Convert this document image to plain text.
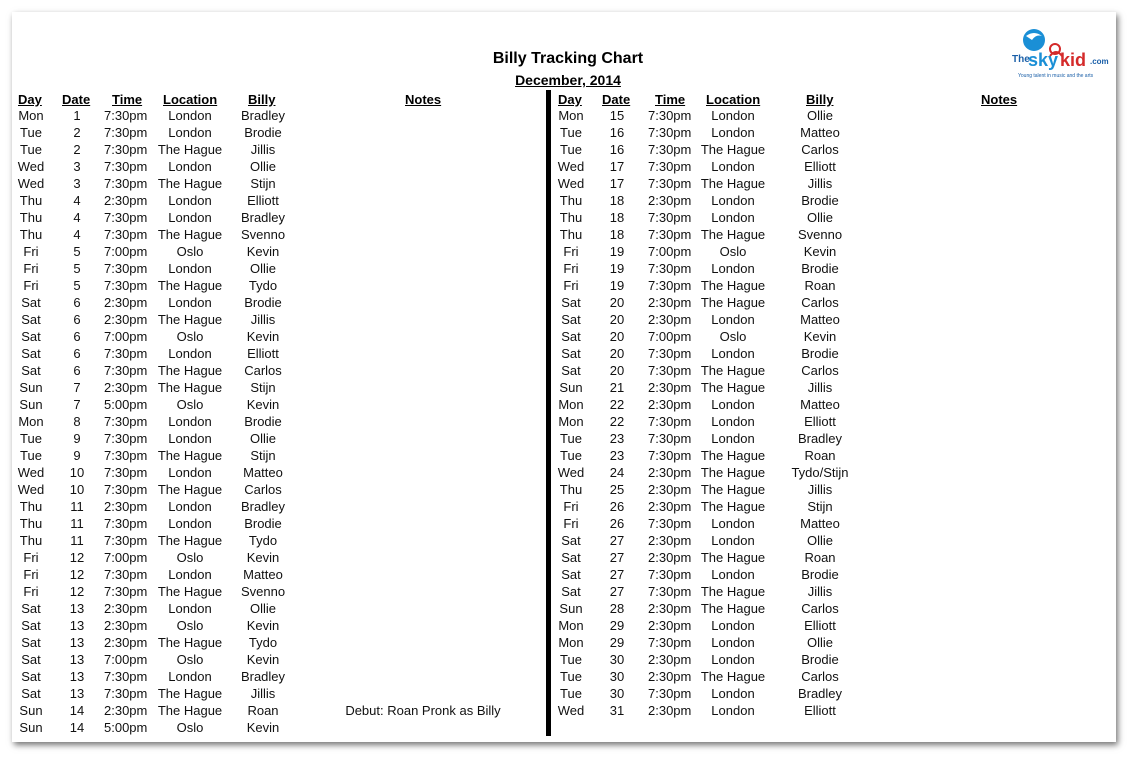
Billy Tracking Chart
December, 2014
The
sky kid .com
Young talent in music and the arts
Day Date Time Location Billy	Notes	Day Date Time Location	Billy	Notes
Mon	1	7:30pm	London	Bradley
Tue	2	7:30pm	London	Brodie
Tue	2	7:30pm The Hague	Jillis
Wed	3	7:30pm	London	Ollie
Wed	3	7:30pm The Hague	Stijn
Thu	4	2:30pm	London	Elliott
Thu	4	7:30pm	London	Bradley
Thu	4	7:30pm The Hague	Svenno
Fri	5	7:00pm	Oslo	Kevin
Fri	5	7:30pm	London	Ollie
Fri	5	7:30pm The Hague	Tydo
Sat	6	2:30pm	London	Brodie
Sat	6	2:30pm The Hague	Jillis
Sat	6	7:00pm	Oslo	Kevin
Sat	6	7:30pm	London	Elliott
Sat	6	7:30pm The Hague	Carlos
Sun	7	2:30pm The Hague	Stijn
Sun	7	5:00pm	Oslo	Kevin
Mon	8	7:30pm	London	Brodie
Tue	9	7:30pm	London	Ollie
Tue	9	7:30pm The Hague	Stijn
Wed	10	7:30pm	London	Matteo
Wed	10	7:30pm The Hague	Carlos
Thu	11	2:30pm	London	Bradley
Thu	11	7:30pm	London	Brodie
Thu	11	7:30pm The Hague	Tydo
Fri	12	7:00pm	Oslo	Kevin
Fri	12	7:30pm	London	Matteo
Fri	12	7:30pm The Hague	Svenno
Sat	13	2:30pm	London	Ollie
Sat	13	2:30pm	Oslo	Kevin
Sat	13	2:30pm The Hague	Tydo
Sat	13	7:00pm	Oslo	Kevin
Sat	13	7:30pm	London	Bradley
Sat	13	7:30pm The Hague	Jillis
Sun	14	2:30pm The Hague	Roan	Debut: Roan Pronk as Billy
Sun	14	5:00pm	Oslo	Kevin
Mon	15	7:30pm	London	Ollie
Tue	16	7:30pm	London	Matteo
Tue	16	7:30pm The Hague	Carlos
Wed	17	7:30pm	London	Elliott
Wed	17	7:30pm The Hague	Jillis
Thu	18	2:30pm	London	Brodie
Thu	18	7:30pm	London	Ollie
Thu	18	7:30pm The Hague	Svenno
Fri	19	7:00pm	Oslo	Kevin
Fri	19	7:30pm	London	Brodie
Fri	19	7:30pm The Hague	Roan
Sat	20	2:30pm The Hague	Carlos
Sat	20	2:30pm	London	Matteo
Sat	20	7:00pm	Oslo	Kevin
Sat	20	7:30pm	London	Brodie
Sat	20	7:30pm The Hague	Carlos
Sun	21	2:30pm The Hague	Jillis
Mon	22	2:30pm	London	Matteo
Mon	22	7:30pm	London	Elliott
Tue	23	7:30pm	London	Bradley
Tue	23	7:30pm The Hague	Roan
Wed	24	2:30pm The Hague	Tydo/Stijn
Thu	25	2:30pm The Hague	Jillis
Fri	26	2:30pm The Hague	Stijn
Fri	26	7:30pm	London	Matteo
Sat	27	2:30pm	London	Ollie
Sat	27	2:30pm The Hague	Roan
Sat	27	7:30pm	London	Brodie
Sat	27	7:30pm The Hague	Jillis
Sun	28	2:30pm The Hague	Carlos
Mon	29	2:30pm	London	Elliott
Mon	29	7:30pm	London	Ollie
Tue	30	2:30pm	London	Brodie
Tue	30	2:30pm The Hague	Carlos
Tue	30	7:30pm	London	Bradley
Wed	31	2:30pm	London	Elliott
